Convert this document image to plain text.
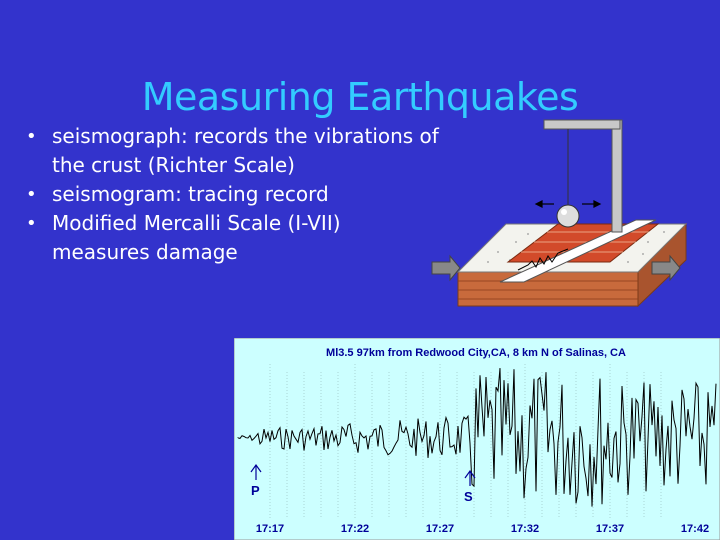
Measuring Earthquakes
• seismograph: records the vibrations of the crust (Richter Scale)
• seismogram: tracing record
• Modified Mercalli Scale (I-VII) measures damage
Ml3.5 97km from Redwood City,CA, 8 km N of Salinas, CA
P	S
17:17	17:22	17:27	17:32	17:37	17:42
